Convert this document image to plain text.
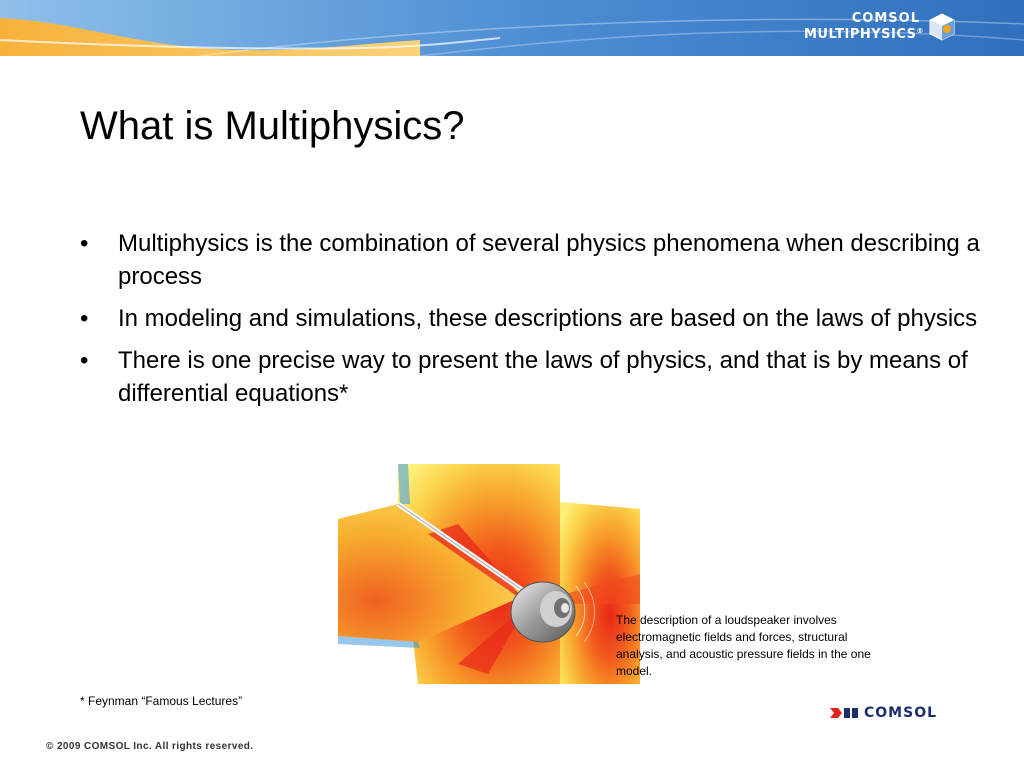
COMSOL
MULTIPHYSICS®
What is Multiphysics?
• Multiphysics is the combination of several physics phenomena when describing a process
• In modeling and simulations, these descriptions are based on the laws of physics
• There is one precise way to present the laws of physics, and that is by means of differential equations*
The description of a loudspeaker involves electromagnetic fields and forces, structural analysis, and acoustic pressure fields in the one model.
* Feynman “Famous Lectures”
COMSOL
© 2009 COMSOL Inc. All rights reserved.
